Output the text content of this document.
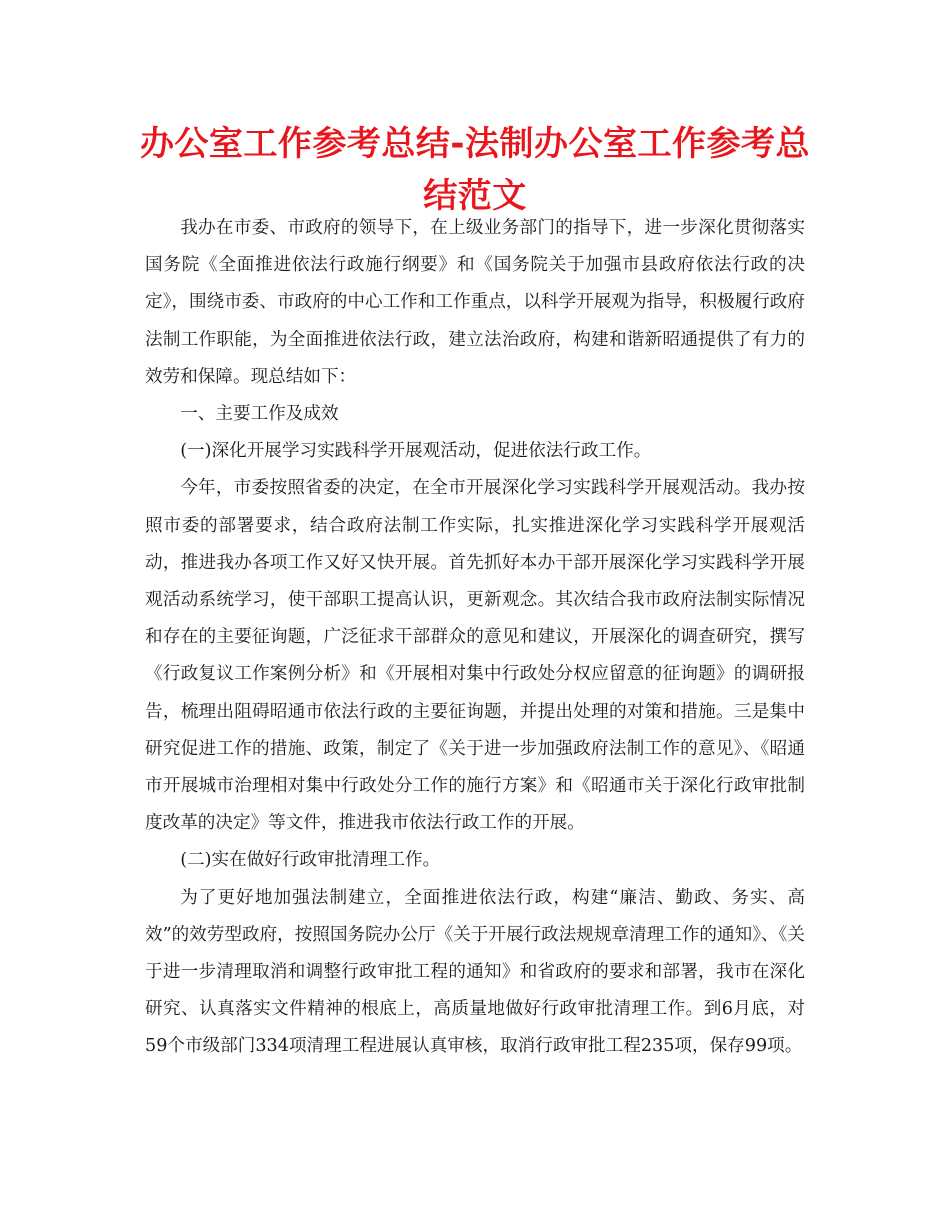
办公室工作参考总结-法制办公室工作参考总结范文

我办在市委、市政府的领导下，在上级业务部门的指导下，进一步深化贯彻落实国务院《全面推进依法行政施行纲要》和《国务院关于加强市县政府依法行政的决定》，围绕市委、市政府的中心工作和工作重点，以科学开展观为指导，积极履行政府法制工作职能，为全面推进依法行政，建立法治政府，构建和谐新昭通提供了有力的效劳和保障。现总结如下：

一、主要工作及成效

(一)深化开展学习实践科学开展观活动，促进依法行政工作。

今年，市委按照省委的决定，在全市开展深化学习实践科学开展观活动。我办按照市委的部署要求，结合政府法制工作实际，扎实推进深化学习实践科学开展观活动，推进我办各项工作又好又快开展。首先抓好本办干部开展深化学习实践科学开展观活动系统学习，使干部职工提高认识，更新观念。其次结合我市政府法制实际情况和存在的主要征询题，广泛征求干部群众的意见和建议，开展深化的调查研究，撰写《行政复议工作案例分析》和《开展相对集中行政处分权应留意的征询题》的调研报告，梳理出阻碍昭通市依法行政的主要征询题，并提出处理的对策和措施。三是集中研究促进工作的措施、政策，制定了《关于进一步加强政府法制工作的意见》、《昭通市开展城市治理相对集中行政处分工作的施行方案》和《昭通市关于深化行政审批制度改革的决定》等文件，推进我市依法行政工作的开展。

(二)实在做好行政审批清理工作。

为了更好地加强法制建立，全面推进依法行政，构建“廉洁、勤政、务实、高效”的效劳型政府，按照国务院办公厅《关于开展行政法规规章清理工作的通知》、《关于进一步清理取消和调整行政审批工程的通知》和省政府的要求和部署，我市在深化研究、认真落实文件精神的根底上，高质量地做好行政审批清理工作。到6月底，对59个市级部门334项清理工程进展认真审核，取消行政审批工程235项，保存99项。
